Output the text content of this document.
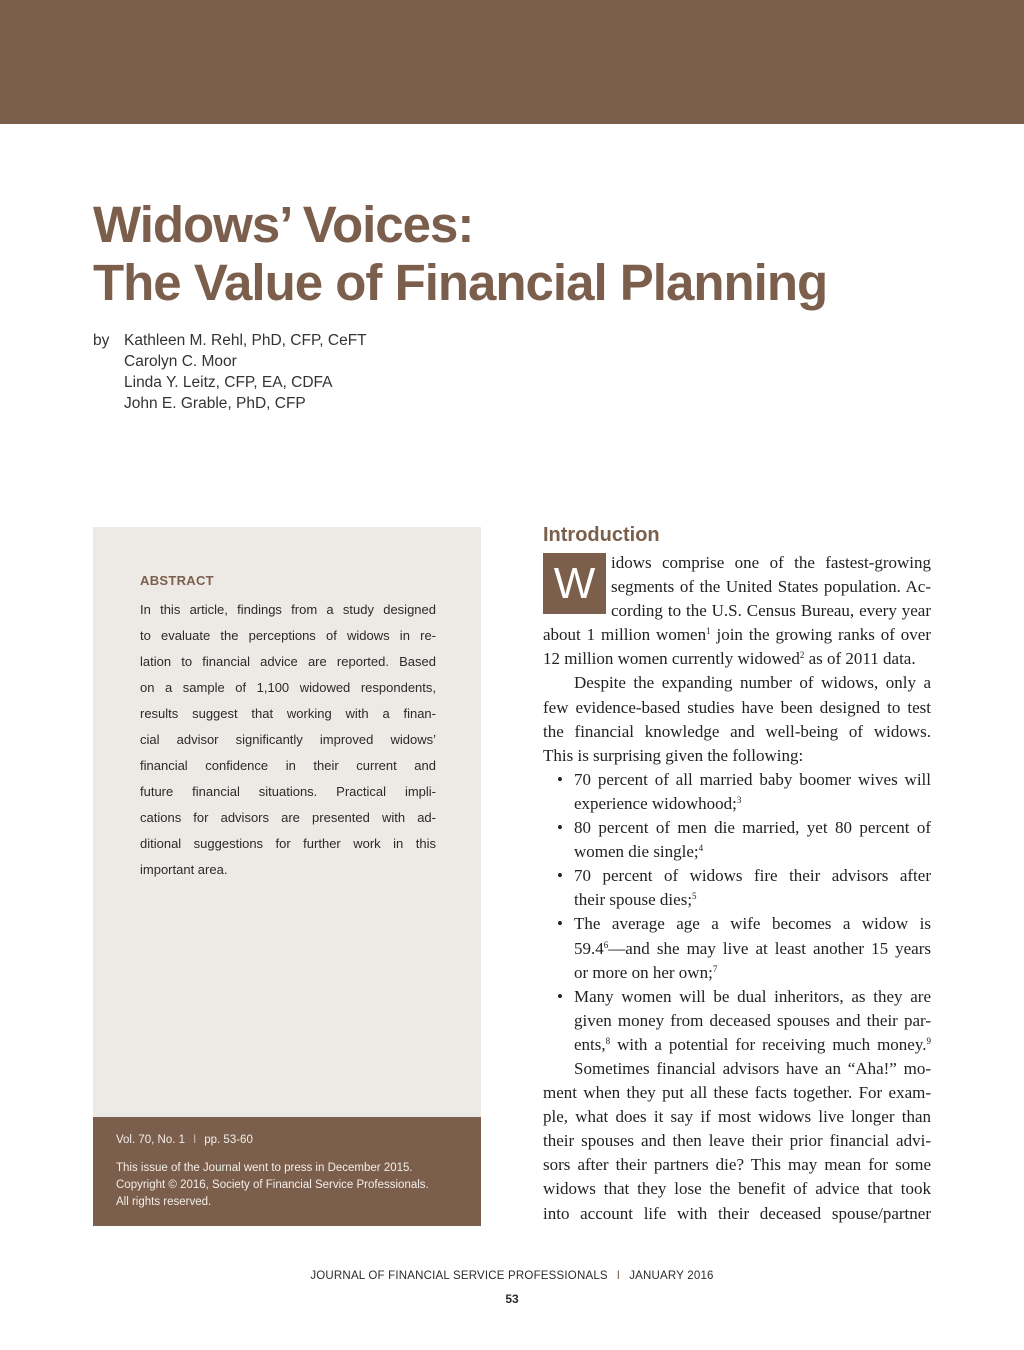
Widows’ Voices:
The Value of Financial Planning
by Kathleen M. Rehl, PhD, CFP, CeFT
Carolyn C. Moor
Linda Y. Leitz, CFP, EA, CDFA
John E. Grable, PhD, CFP
ABSTRACT
In this article, findings from a study designed
to evaluate the perceptions of widows in re-
lation to financial advice are reported. Based
on a sample of 1,100 widowed respondents,
results suggest that working with a finan-
cial advisor significantly improved widows’
financial confidence in their current and
future financial situations. Practical impli-
cations for advisors are presented with ad-
ditional suggestions for further work in this
important area.
Vol. 70, No. 1 I pp. 53-60
This issue of the Journal went to press in December 2015.
Copyright © 2016, Society of Financial Service Professionals.
All rights reserved.
Introduction
W idows comprise one of the fastest-growing
segments of the United States population. Ac-
cording to the U.S. Census Bureau, every year
about 1 million women$^1$ join the growing ranks of over
12 million women currently widowed$^2$ as of 2011 data.
Despite the expanding number of widows, only a
few evidence-based studies have been designed to test
the financial knowledge and well-being of widows.
This is surprising given the following:
• 70 percent of all married baby boomer wives will
experience widowhood;$^3$
• 80 percent of men die married, yet 80 percent of
women die single;$^4$
• 70 percent of widows fire their advisors after
their spouse dies;$^5$
• The average age a wife becomes a widow is
59.4$^6$—and she may live at least another 15 years
or more on her own;$^7$
• Many women will be dual inheritors, as they are
given money from deceased spouses and their par-
ents,$^8$ with a potential for receiving much money.$^9$
Sometimes financial advisors have an “Aha!” mo-
ment when they put all these facts together. For exam-
ple, what does it say if most widows live longer than
their spouses and then leave their prior financial advi-
sors after their partners die? This may mean for some
widows that they lose the benefit of advice that took
into account life with their deceased spouse/partner
JOURNAL OF FINANCIAL SERVICE PROFESSIONALS I JANUARY 2016
53
